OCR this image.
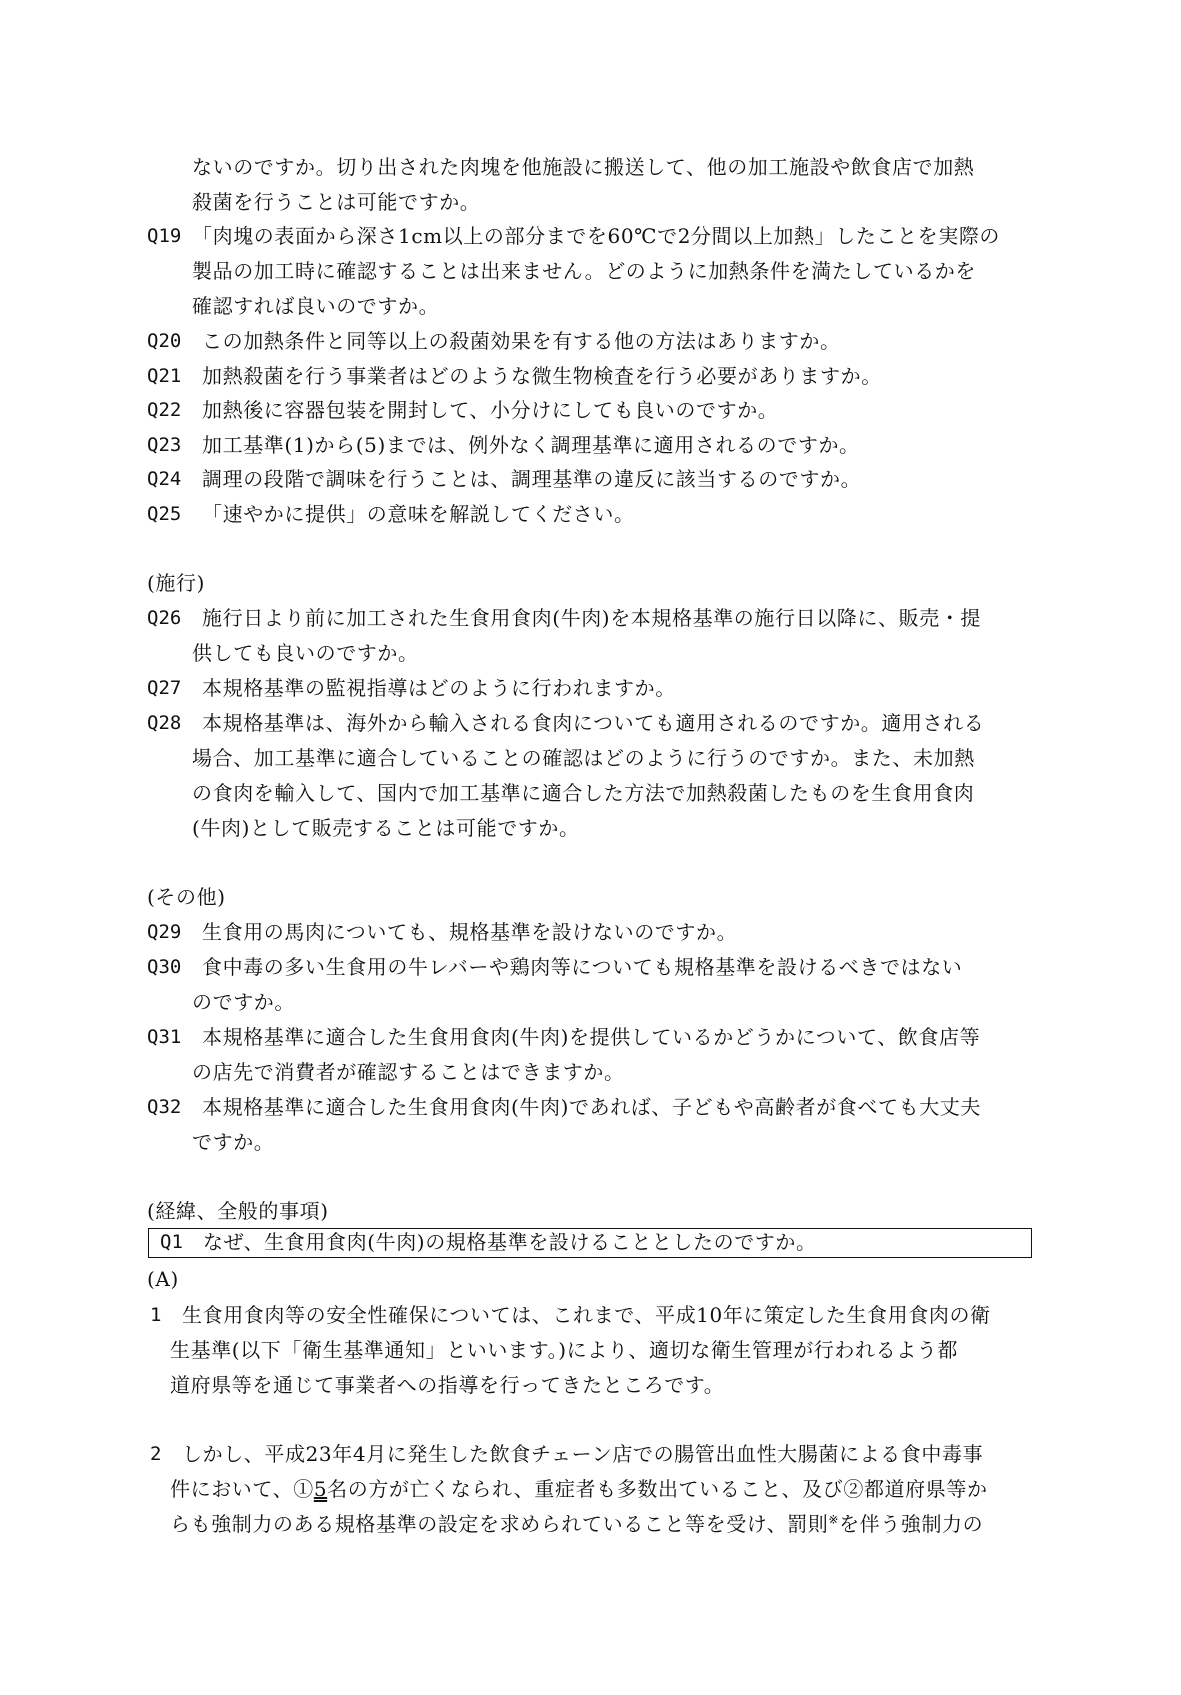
ないのですか。切り出された肉塊を他施設に搬送して、他の加工施設や飲食店で加熱
殺菌を行うことは可能ですか。
Q19 「肉塊の表面から深さ1cm以上の部分までを60℃で2分間以上加熱」したことを実際の
製品の加工時に確認することは出来ません。どのように加熱条件を満たしているかを
確認すれば良いのですか。
Q20 この加熱条件と同等以上の殺菌効果を有する他の方法はありますか。
Q21 加熱殺菌を行う事業者はどのような微生物検査を行う必要がありますか。
Q22 加熱後に容器包装を開封して、小分けにしても良いのですか。
Q23 加工基準(1)から(5)までは、例外なく調理基準に適用されるのですか。
Q24 調理の段階で調味を行うことは、調理基準の違反に該当するのですか。
Q25 「速やかに提供」の意味を解説してください。
(施行)
Q26 施行日より前に加工された生食用食肉(牛肉)を本規格基準の施行日以降に、販売・提
供しても良いのですか。
Q27 本規格基準の監視指導はどのように行われますか。
Q28 本規格基準は、海外から輸入される食肉についても適用されるのですか。適用される
場合、加工基準に適合していることの確認はどのように行うのですか。また、未加熱
の食肉を輸入して、国内で加工基準に適合した方法で加熱殺菌したものを生食用食肉
(牛肉)として販売することは可能ですか。
(その他)
Q29 生食用の馬肉についても、規格基準を設けないのですか。
Q30 食中毒の多い生食用の牛レバーや鶏肉等についても規格基準を設けるべきではない
のですか。
Q31 本規格基準に適合した生食用食肉(牛肉)を提供しているかどうかについて、飲食店等
の店先で消費者が確認することはできますか。
Q32 本規格基準に適合した生食用食肉(牛肉)であれば、子どもや高齢者が食べても大丈夫
ですか。
(経緯、全般的事項)
Q1 なぜ、生食用食肉(牛肉)の規格基準を設けることとしたのですか。
(A)
1 生食用食肉等の安全性確保については、これまで、平成10年に策定した生食用食肉の衛
生基準(以下「衛生基準通知」といいます。)により、適切な衛生管理が行われるよう都
道府県等を通じて事業者への指導を行ってきたところです。
2 しかし、平成23年4月に発生した飲食チェーン店での腸管出血性大腸菌による食中毒事
件において、①5名の方が亡くなられ、重症者も多数出ていること、及び②都道府県等か
らも強制力のある規格基準の設定を求められていること等を受け、罰則※を伴う強制力の
